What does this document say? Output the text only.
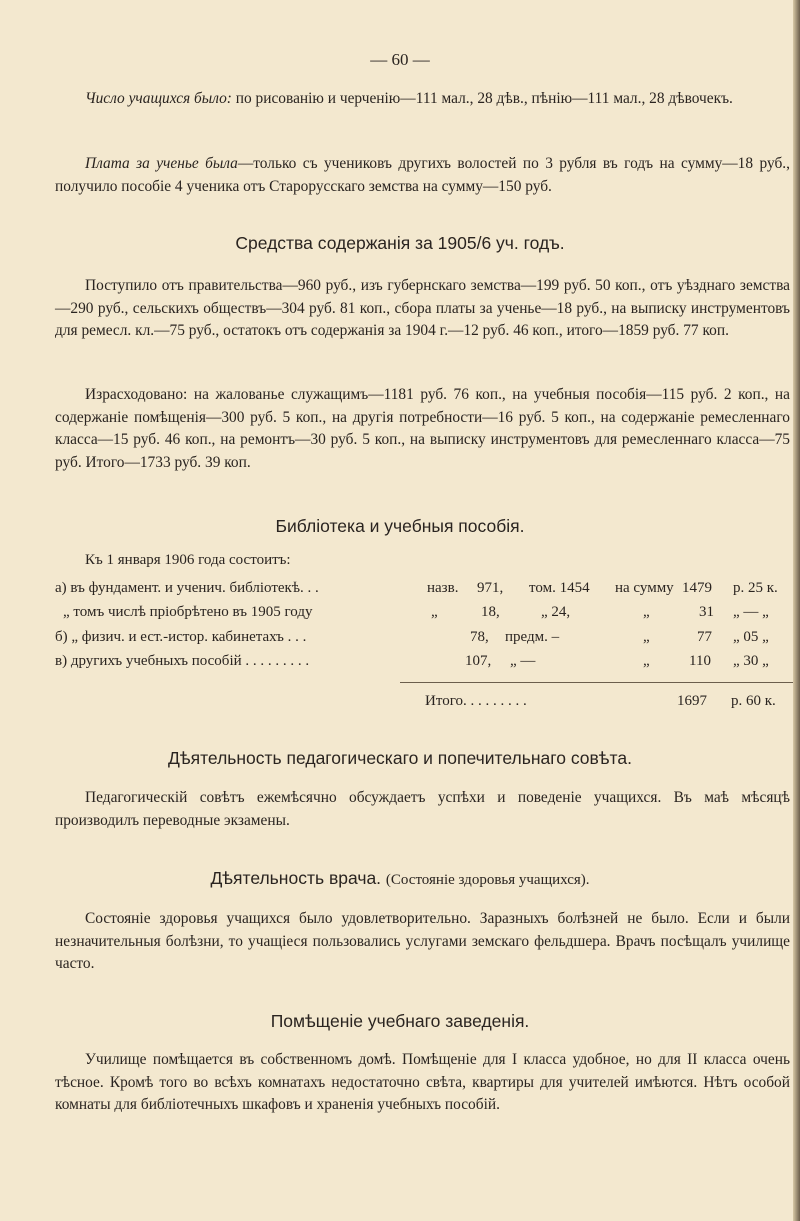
— 60 —

Число учащихся было: по рисованію и черченію—111 мал., 28 дѣв., пѣнію—111 мал., 28 дѣвочекъ.

Плата за ученье была—только съ учениковъ другихъ волостей по 3 рубля въ годъ на сумму—18 руб., получило пособіе 4 ученика отъ Старорусскаго земства на сумму—150 руб.

Средства содержанія за 1905/6 уч. годъ.

Поступило отъ правительства—960 руб., изъ губернскаго земства—199 руб. 50 коп., отъ уѣзднаго земства—290 руб., сельскихъ обществъ—304 руб. 81 коп., сбора платы за ученье—18 руб., на выписку инструментовъ для ремесл. кл.—75 руб., остатокъ отъ содержанія за 1904 г.—12 руб. 46 коп., итого—1859 руб. 77 коп.

Израсходовано: на жалованье служащимъ—1181 руб. 76 коп., на учебныя пособія—115 руб. 2 коп., на содержаніе помѣщенія—300 руб. 5 коп., на другія потребности—16 руб. 5 коп., на содержаніе ремесленнаго класса—15 руб. 46 коп., на ремонтъ—30 руб. 5 коп., на выписку инструментовъ для ремесленнаго класса—75 руб. Итого—1733 руб. 39 коп.

Библіотека и учебныя пособія.
Къ 1 января 1906 года состоитъ:
а) въ фундамент. и ученич. библіотекѣ. . .	назв. 971, том. 1454 на сумму 1479 р. 25 к.
„ томъ числѣ пріобрѣтено въ 1905 году	„	18,	„ 24,	„	31 „ — „
б) „ физич. и ест.-истор. кабинетахъ . . .	78, предм. –	„	77 „ 05 „
в) другихъ учебныхъ пособій . . . . . . . . .	107, „ —	„	110 „ 30 „
Итого. . . . . . . . .	1697 р. 60 к.
Дѣятельность педагогическаго и попечительнаго совѣта.

Педагогическій совѣтъ ежемѣсячно обсуждаетъ успѣхи и поведеніе учащихся. Въ маѣ мѣсяцѣ производилъ переводные экзамены.

Дѣятельность врача. (Состояніе здоровья учащихся).

Состояніе здоровья учащихся было удовлетворительно. Заразныхъ болѣзней не было. Если и были незначительныя болѣзни, то учащіеся пользовались услугами земскаго фельдшера. Врачъ посѣщалъ училище часто.

Помѣщеніе учебнаго заведенія.

Училище помѣщается въ собственномъ домѣ. Помѣщеніе для I класса удобное, но для II класса очень тѣсное. Кромѣ того во всѣхъ комнатахъ недостаточно свѣта, квартиры для учителей имѣются. Нѣтъ особой комнаты для библіотечныхъ шкафовъ и храненія учебныхъ пособій.
